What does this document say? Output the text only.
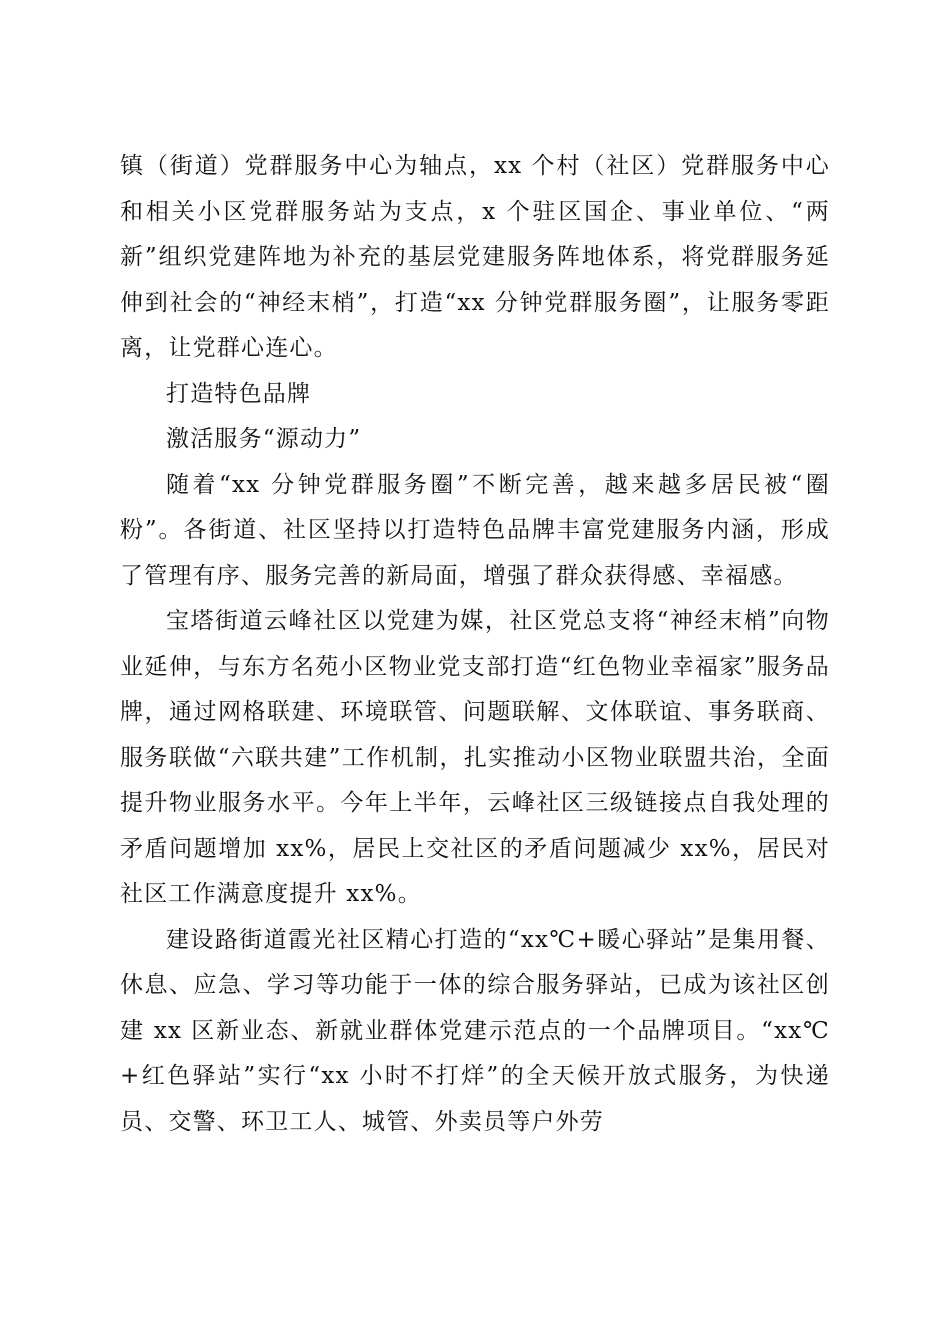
镇（街道）党群服务中心为轴点，xx 个村（社区）党群服务中心和相关小区党群服务站为支点，x 个驻区国企、事业单位、“两新”组织党建阵地为补充的基层党建服务阵地体系，将党群服务延伸到社会的“神经末梢”，打造“xx 分钟党群服务圈”，让服务零距离，让党群心连心。

打造特色品牌

激活服务“源动力”

随着“xx 分钟党群服务圈”不断完善，越来越多居民被“圈粉”。各街道、社区坚持以打造特色品牌丰富党建服务内涵，形成了管理有序、服务完善的新局面，增强了群众获得感、幸福感。

宝塔街道云峰社区以党建为媒，社区党总支将“神经末梢”向物业延伸，与东方名苑小区物业党支部打造“红色物业幸福家”服务品牌，通过网格联建、环境联管、问题联解、文体联谊、事务联商、服务联做“六联共建”工作机制，扎实推动小区物业联盟共治，全面提升物业服务水平。今年上半年，云峰社区三级链接点自我处理的矛盾问题增加 xx%，居民上交社区的矛盾问题减少 xx%，居民对社区工作满意度提升 xx%。

建设路街道霞光社区精心打造的“xx℃+暖心驿站”是集用餐、休息、应急、学习等功能于一体的综合服务驿站，已成为该社区创建 xx 区新业态、新就业群体党建示范点的一个品牌项目。“xx℃+红色驿站”实行“xx 小时不打烊”的全天候开放式服务，为快递员、交警、环卫工人、城管、外卖员等户外劳
